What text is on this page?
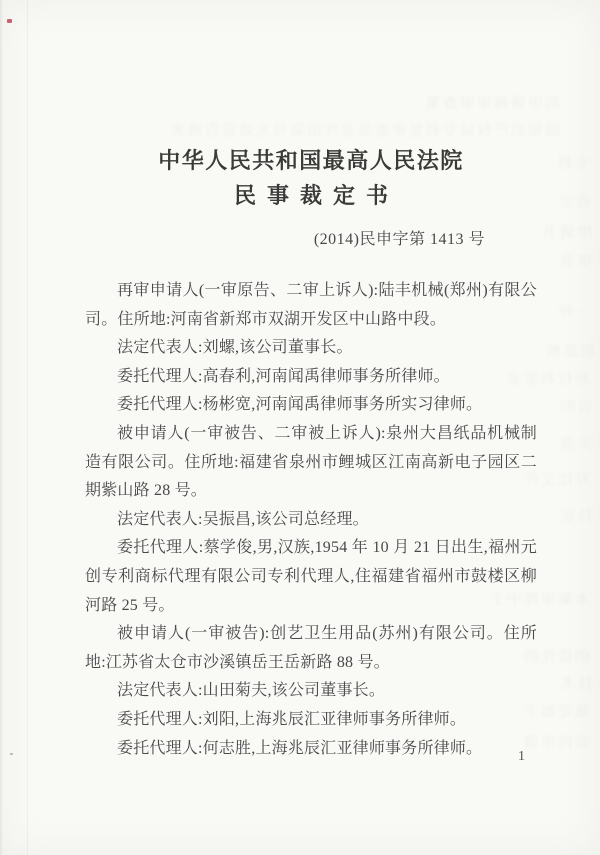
的申请再审审查案
国知识产权局专利复审委员会作出第号无效宣告请求
专利
裁定
申请书
审查
一种
纸品机
利权利要求
说明
实施
对比文件
特征
本案审理中于
创造性的
技术
裁定如下
驳回申请
中华人民共和国最高人民法院
民事裁定书
(2014)民申字第 1413 号

再审申请人(一审原告、二审上诉人):陆丰机械(郑州)有限公司。住所地:河南省新郑市双湖开发区中山路中段。

法定代表人:刘螺,该公司董事长。

委托代理人:高春利,河南闻禹律师事务所律师。

委托代理人:杨彬宽,河南闻禹律师事务所实习律师。

被申请人(一审被告、二审被上诉人):泉州大昌纸品机械制造有限公司。住所地:福建省泉州市鲤城区江南高新电子园区二期紫山路 28 号。

法定代表人:吴振昌,该公司总经理。

委托代理人:蔡学俊,男,汉族,1954 年 10 月 21 日出生,福州元创专利商标代理有限公司专利代理人,住福建省福州市鼓楼区柳河路 25 号。

被申请人(一审被告):创艺卫生用品(苏州)有限公司。住所地:江苏省太仓市沙溪镇岳王岳新路 88 号。

法定代表人:山田菊夫,该公司董事长。

委托代理人:刘阳,上海兆辰汇亚律师事务所律师。

委托代理人:何志胜,上海兆辰汇亚律师事务所律师。	1
